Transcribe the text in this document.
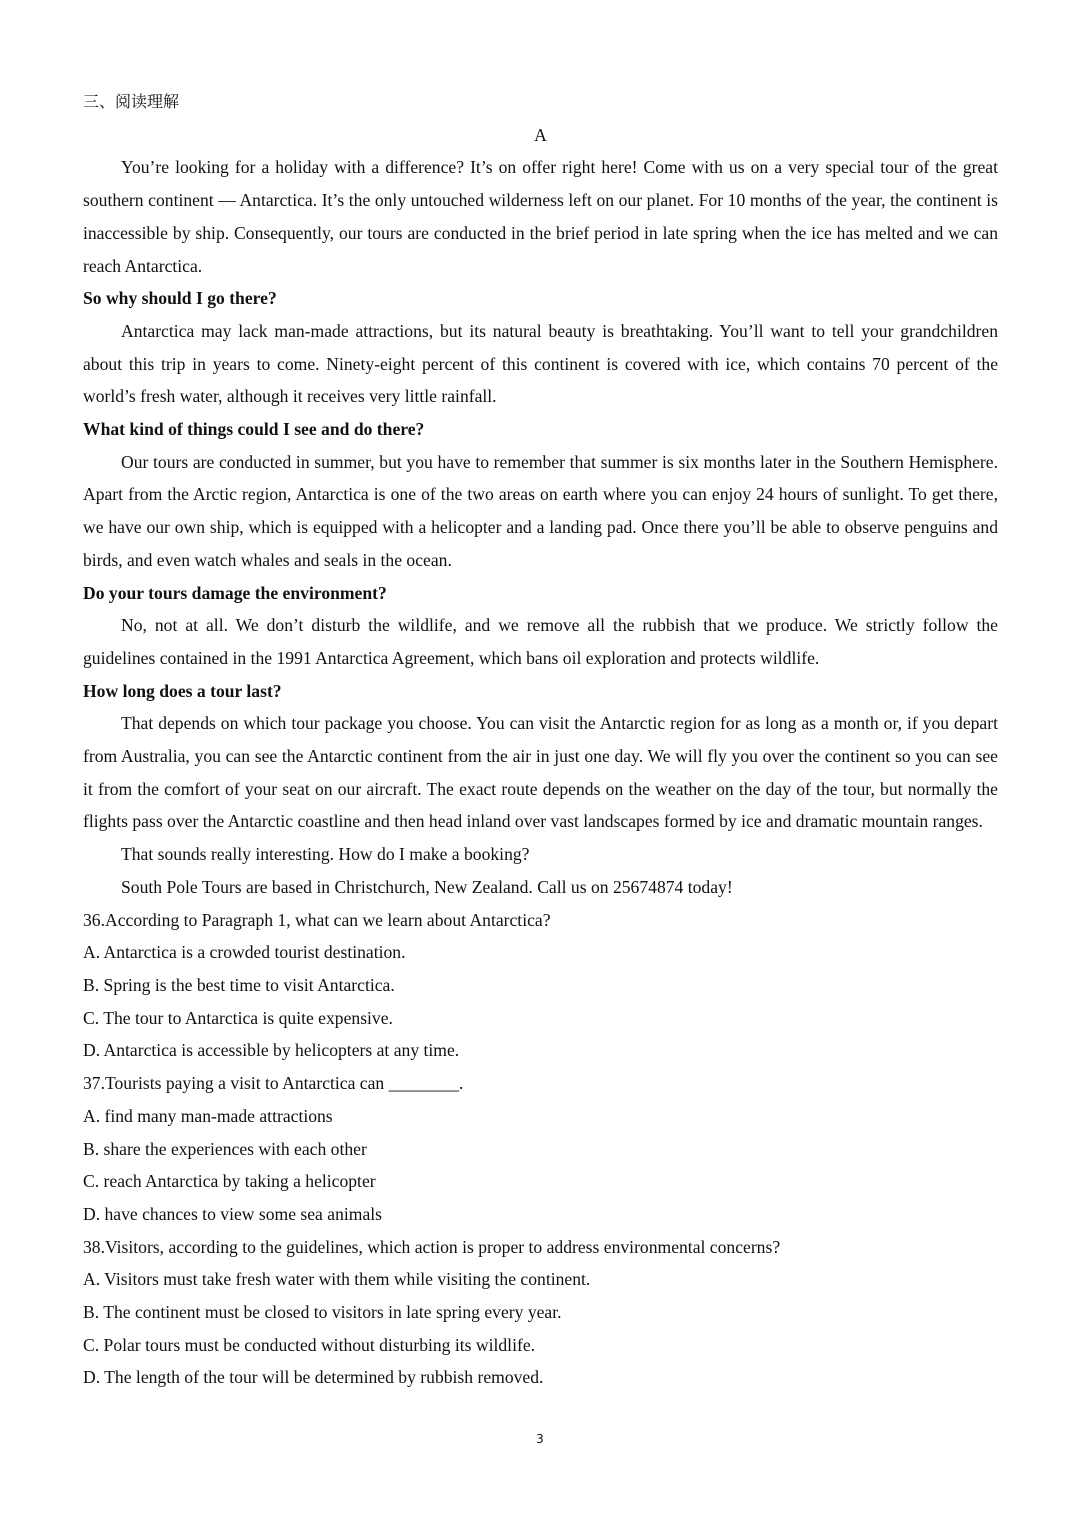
三、阅读理解
A

You’re looking for a holiday with a difference? It’s on offer right here! Come with us on a very special tour of the great southern continent — Antarctica. It’s the only untouched wilderness left on our planet. For 10 months of the year, the continent is inaccessible by ship. Consequently, our tours are conducted in the brief period in late spring when the ice has melted and we can reach Antarctica.

So why should I go there?

Antarctica may lack man-made attractions, but its natural beauty is breathtaking. You’ll want to tell your grandchildren about this trip in years to come. Ninety-eight percent of this continent is covered with ice, which contains 70 percent of the world’s fresh water, although it receives very little rainfall.

What kind of things could I see and do there?

Our tours are conducted in summer, but you have to remember that summer is six months later in the Southern Hemisphere. Apart from the Arctic region, Antarctica is one of the two areas on earth where you can enjoy 24 hours of sunlight. To get there, we have our own ship, which is equipped with a helicopter and a landing pad. Once there you’ll be able to observe penguins and birds, and even watch whales and seals in the ocean.

Do your tours damage the environment?

No, not at all. We don’t disturb the wildlife, and we remove all the rubbish that we produce. We strictly follow the guidelines contained in the 1991 Antarctica Agreement, which bans oil exploration and protects wildlife.

How long does a tour last?

That depends on which tour package you choose. You can visit the Antarctic region for as long as a month or, if you depart from Australia, you can see the Antarctic continent from the air in just one day. We will fly you over the continent so you can see it from the comfort of your seat on our aircraft. The exact route depends on the weather on the day of the tour, but normally the flights pass over the Antarctic coastline and then head inland over vast landscapes formed by ice and dramatic mountain ranges.

That sounds really interesting. How do I make a booking?

South Pole Tours are based in Christchurch, New Zealand. Call us on 25674874 today!

36.According to Paragraph 1, what can we learn about Antarctica?

A. Antarctica is a crowded tourist destination.

B. Spring is the best time to visit Antarctica.

C. The tour to Antarctica is quite expensive.

D. Antarctica is accessible by helicopters at any time.

37.Tourists paying a visit to Antarctica can ________.

A. find many man-made attractions

B. share the experiences with each other

C. reach Antarctica by taking a helicopter

D. have chances to view some sea animals

38.Visitors, according to the guidelines, which action is proper to address environmental concerns?

A. Visitors must take fresh water with them while visiting the continent.

B. The continent must be closed to visitors in late spring every year.

C. Polar tours must be conducted without disturbing its wildlife.

D. The length of the tour will be determined by rubbish removed.

3
